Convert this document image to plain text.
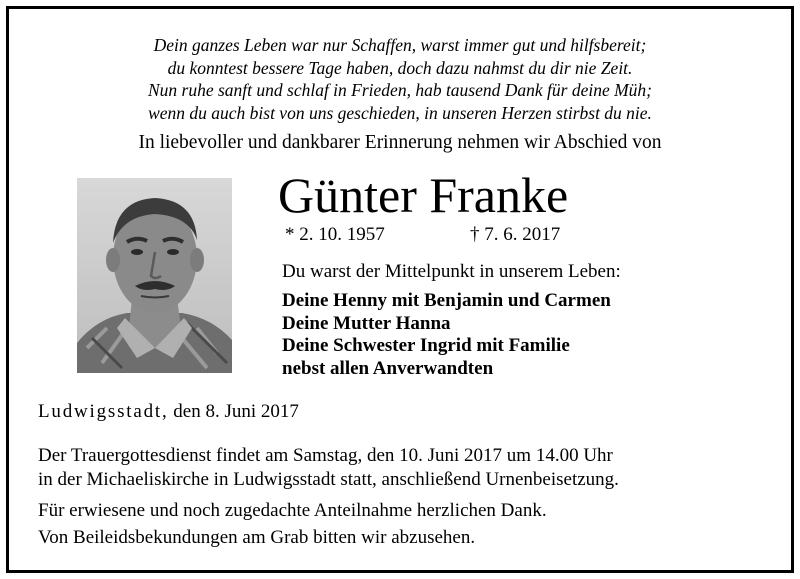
Dein ganzes Leben war nur Schaffen, warst immer gut und hilfsbereit;
du konntest bessere Tage haben, doch dazu nahmst du dir nie Zeit.
Nun ruhe sanft und schlaf in Frieden, hab tausend Dank für deine Müh;
wenn du auch bist von uns geschieden, in unseren Herzen stirbst du nie.
In liebevoller und dankbarer Erinnerung nehmen wir Abschied von
Günter Franke
* 2. 10. 1957	† 7. 6. 2017
Du warst der Mittelpunkt in unserem Leben:
Deine Henny mit Benjamin und Carmen
Deine Mutter Hanna
Deine Schwester Ingrid mit Familie
nebst allen Anverwandten
Ludwigsstadt, den 8. Juni 2017
Der Trauergottesdienst findet am Samstag, den 10. Juni 2017 um 14.00 Uhr
in der Michaeliskirche in Ludwigsstadt statt, anschließend Urnenbeisetzung.
Für erwiesene und noch zugedachte Anteilnahme herzlichen Dank.
Von Beileidsbekundungen am Grab bitten wir abzusehen.
